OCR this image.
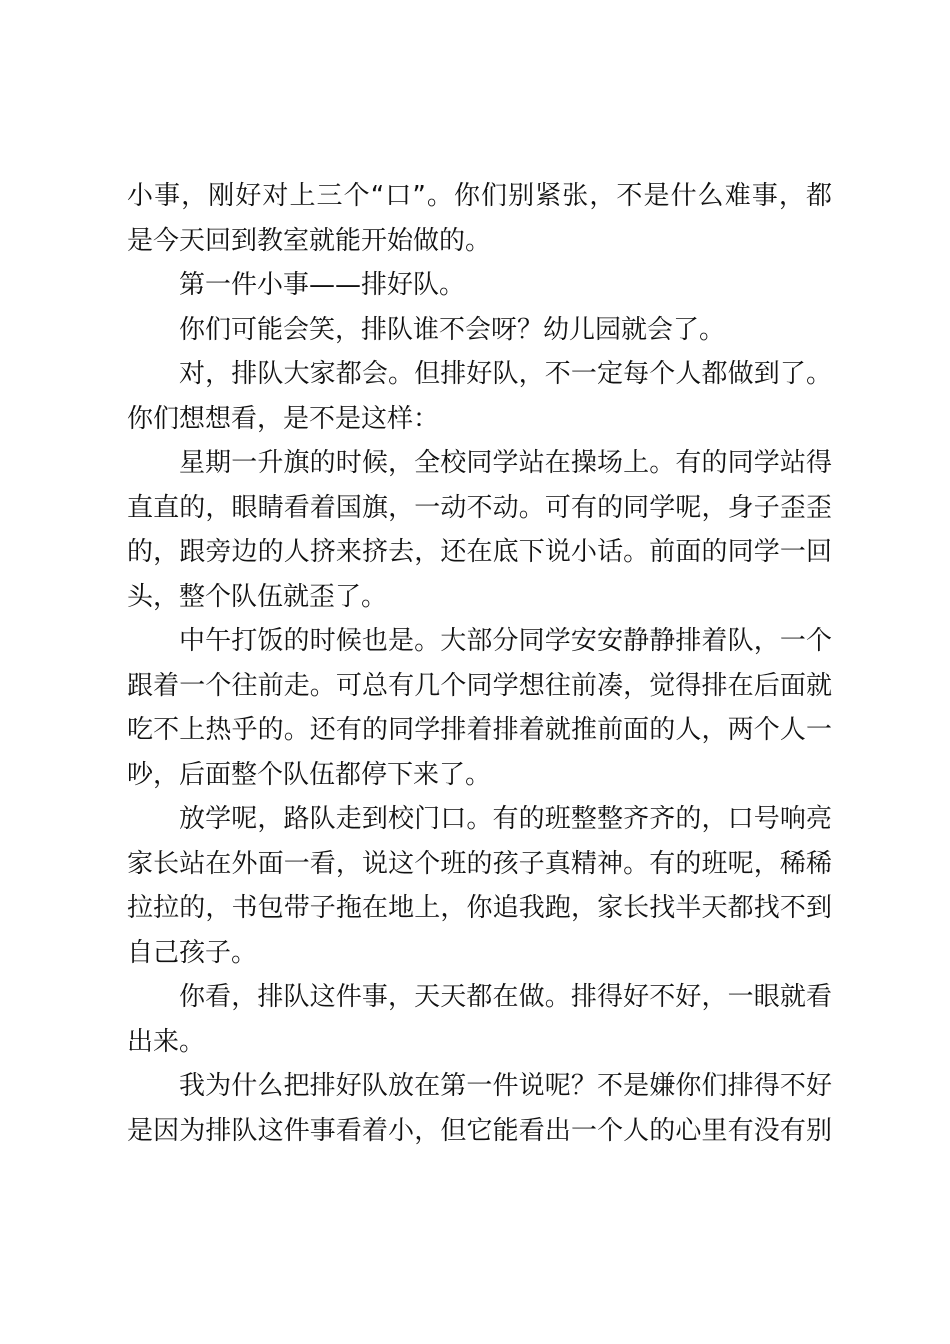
小事，刚好对上三个“口”。你们别紧张，不是什么难事，都
是今天回到教室就能开始做的。
第一件小事——排好队。
你们可能会笑，排队谁不会呀？幼儿园就会了。
对，排队大家都会。但排好队，不一定每个人都做到了。
你们想想看，是不是这样：
星期一升旗的时候，全校同学站在操场上。有的同学站得
直直的，眼睛看着国旗，一动不动。可有的同学呢，身子歪歪
的，跟旁边的人挤来挤去，还在底下说小话。前面的同学一回
头，整个队伍就歪了。
中午打饭的时候也是。大部分同学安安静静排着队，一个
跟着一个往前走。可总有几个同学想往前凑，觉得排在后面就
吃不上热乎的。还有的同学排着排着就推前面的人，两个人一
吵，后面整个队伍都停下来了。
放学呢，路队走到校门口。有的班整整齐齐的，口号响亮
家长站在外面一看，说这个班的孩子真精神。有的班呢，稀稀
拉拉的，书包带子拖在地上，你追我跑，家长找半天都找不到
自己孩子。
你看，排队这件事，天天都在做。排得好不好，一眼就看
出来。
我为什么把排好队放在第一件说呢？不是嫌你们排得不好
是因为排队这件事看着小，但它能看出一个人的心里有没有别
